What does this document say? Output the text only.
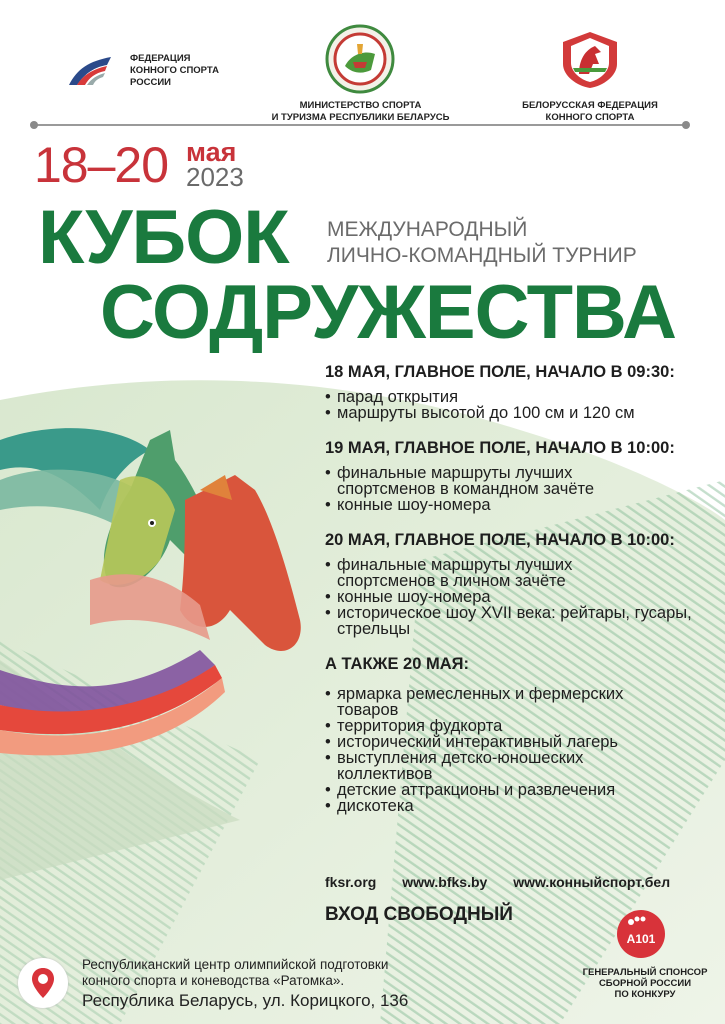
ФЕДЕРАЦИЯ
КОННОГО СПОРТА
РОССИИ
МИНИСТЕРСТВО СПОРТА
И ТУРИЗМА РЕСПУБЛИКИ БЕЛАРУСЬ
БЕЛОРУССКАЯ ФЕДЕРАЦИЯ
КОННОГО СПОРТА
18–20 мая
2023
КУБОК МЕЖДУНАРОДНЫЙ
ЛИЧНО-КОМАНДНЫЙ ТУРНИР
СОДРУЖЕСТВА
18 МАЯ, ГЛАВНОЕ ПОЛЕ, НАЧАЛО В 09:30:
• парад открытия
• маршруты высотой до 100 см и 120 см
19 МАЯ, ГЛАВНОЕ ПОЛЕ, НАЧАЛО В 10:00:
• финальные маршруты лучших спортсменов в командном зачёте
• конные шоу-номера
20 МАЯ, ГЛАВНОЕ ПОЛЕ, НАЧАЛО В 10:00:
• финальные маршруты лучших спортсменов в личном зачёте
• конные шоу-номера
• историческое шоу XVII века: рейтары, гусары, стрельцы
А ТАКЖЕ 20 МАЯ:
• ярмарка ремесленных и фермерских товаров
• территория фудкорта
• исторический интерактивный лагерь
• выступления детско-юношеских коллективов
• детские аттракционы и развлечения
• дискотека
fksr.org www.bfks.by www.конныйспорт.бел
ВХОД СВОБОДНЫЙ
Республиканский центр олимпийской подготовки
конного спорта и коневодства «Ратомка».
Республика Беларусь, ул. Корицкого, 136
А101
ГЕНЕРАЛЬНЫЙ СПОНСОР
СБОРНОЙ РОССИИ
ПО КОНКУРУ
